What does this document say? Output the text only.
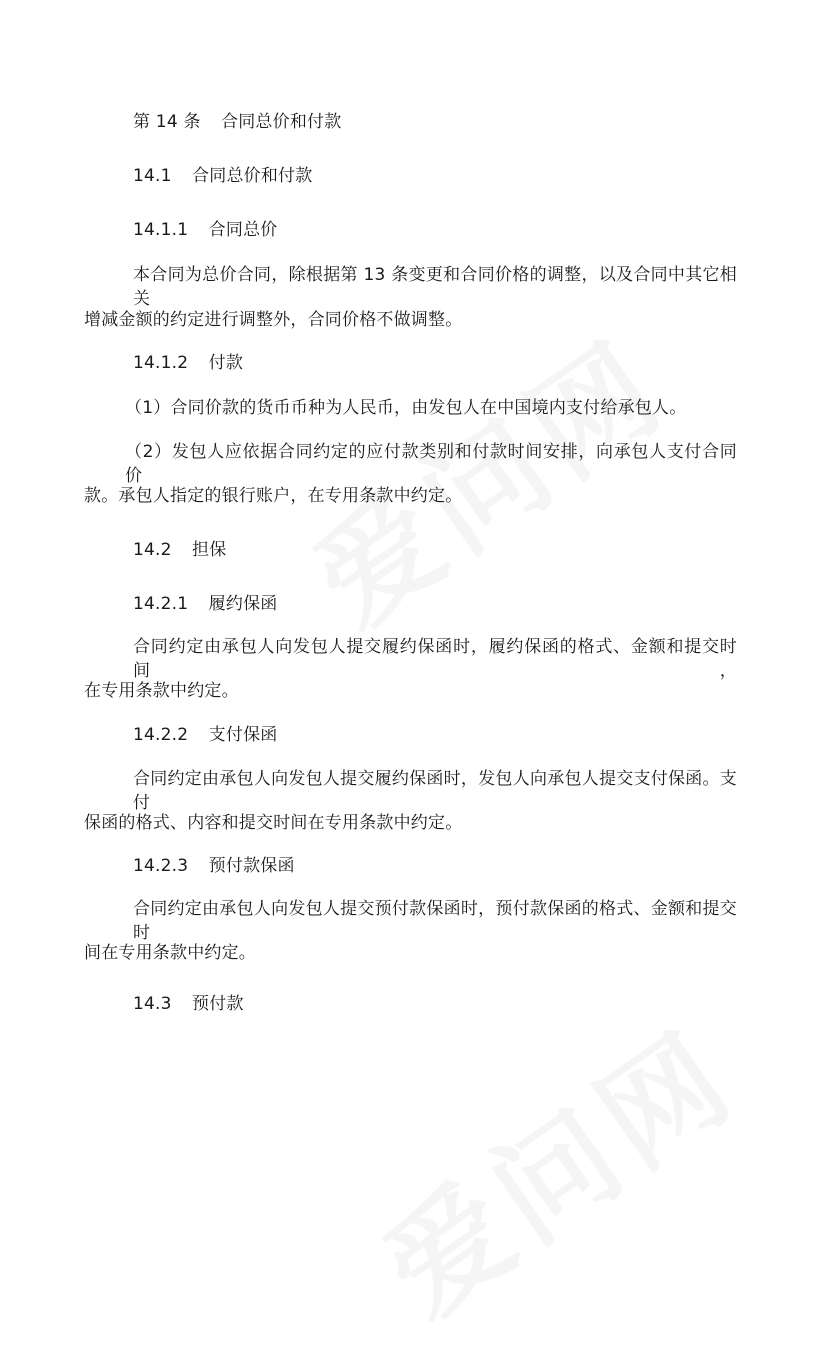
第 14 条 合同总价和付款
14.1 合同总价和付款
14.1.1 合同总价
本合同为总价合同，除根据第 13 条变更和合同价格的调整，以及合同中其它相关
增减金额的约定进行调整外，合同价格不做调整。
14.1.2 付款
（1）合同价款的货币币种为人民币，由发包人在中国境内支付给承包人。
（2）发包人应依据合同约定的应付款类别和付款时间安排，向承包人支付合同价
款。承包人指定的银行账户，在专用条款中约定。
14.2 担保
14.2.1 履约保函
合同约定由承包人向发包人提交履约保函时，履约保函的格式、金额和提交时间，
在专用条款中约定。
14.2.2 支付保函
合同约定由承包人向发包人提交履约保函时，发包人向承包人提交支付保函。支付
保函的格式、内容和提交时间在专用条款中约定。
14.2.3 预付款保函
合同约定由承包人向发包人提交预付款保函时，预付款保函的格式、金额和提交时
间在专用条款中约定。
14.3 预付款
